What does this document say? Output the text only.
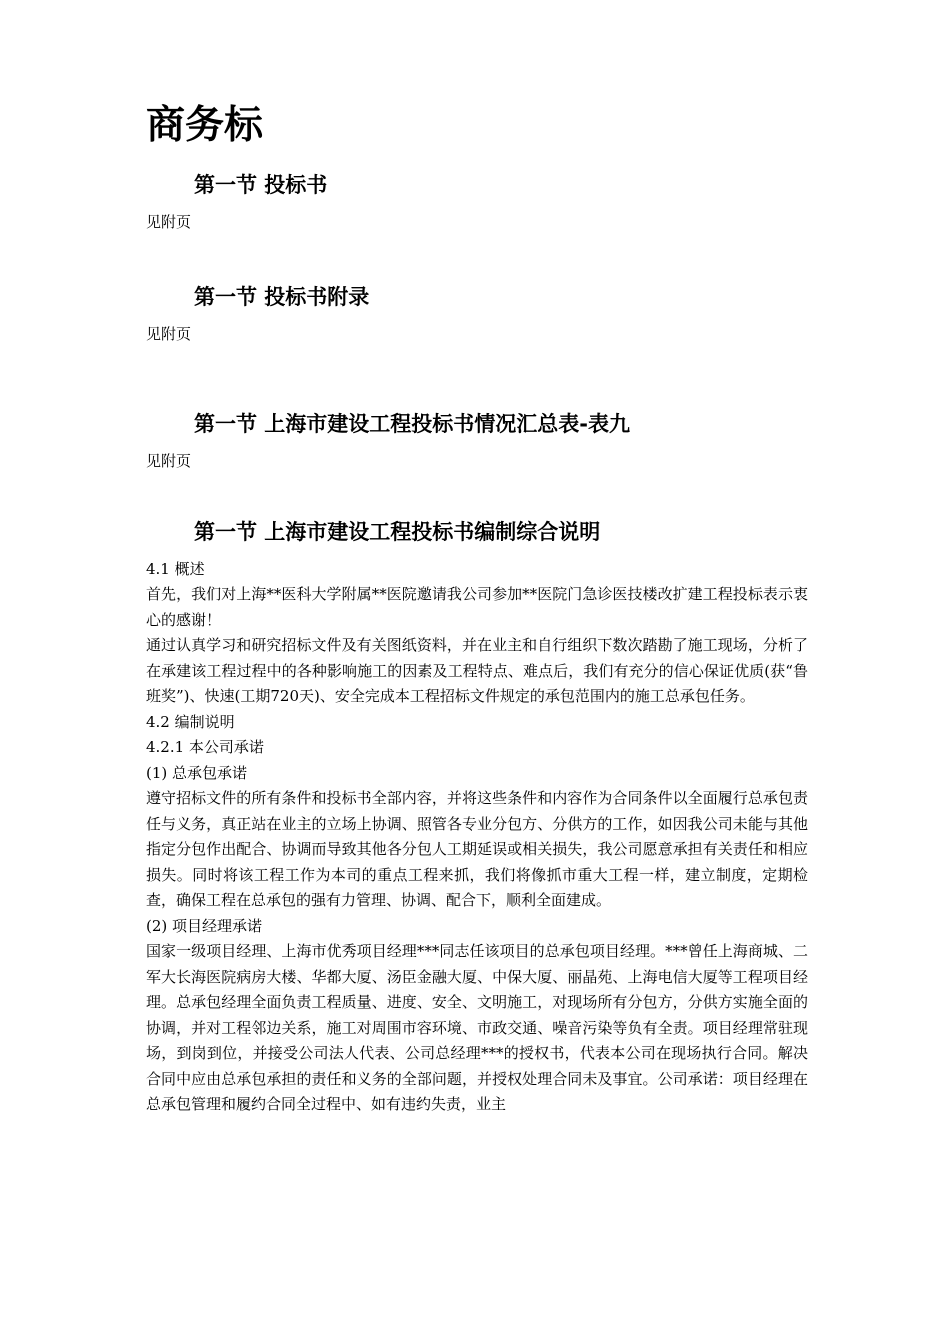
商务标
第一节 投标书

见附页

第一节 投标书附录

见附页

第一节 上海市建设工程投标书情况汇总表-表九

见附页

第一节 上海市建设工程投标书编制综合说明

4.1 概述

首先，我们对上海**医科大学附属**医院邀请我公司参加**医院门急诊医技楼改扩建工程投标表示衷心的感谢！

通过认真学习和研究招标文件及有关图纸资料，并在业主和自行组织下数次踏勘了施工现场，分析了在承建该工程过程中的各种影响施工的因素及工程特点、难点后，我们有充分的信心保证优质(获“鲁班奖”)、快速(工期720天)、安全完成本工程招标文件规定的承包范围内的施工总承包任务。

4.2 编制说明

4.2.1 本公司承诺

(1) 总承包承诺

遵守招标文件的所有条件和投标书全部内容，并将这些条件和内容作为合同条件以全面履行总承包责任与义务，真正站在业主的立场上协调、照管各专业分包方、分供方的工作，如因我公司未能与其他指定分包作出配合、协调而导致其他各分包人工期延误或相关损失，我公司愿意承担有关责任和相应损失。同时将该工程工作为本司的重点工程来抓，我们将像抓市重大工程一样，建立制度，定期检查，确保工程在总承包的强有力管理、协调、配合下，顺利全面建成。

(2) 项目经理承诺

国家一级项目经理、上海市优秀项目经理***同志任该项目的总承包项目经理。***曾任上海商城、二军大长海医院病房大楼、华都大厦、汤臣金融大厦、中保大厦、丽晶苑、上海电信大厦等工程项目经理。总承包经理全面负责工程质量、进度、安全、文明施工，对现场所有分包方，分供方实施全面的协调，并对工程邻边关系，施工对周围市容环境、市政交通、噪音污染等负有全责。项目经理常驻现场，到岗到位，并接受公司法人代表、公司总经理***的授权书，代表本公司在现场执行合同。解决合同中应由总承包承担的责任和义务的全部问题，并授权处理合同未及事宜。公司承诺：项目经理在总承包管理和履约合同全过程中、如有违约失责，业主
